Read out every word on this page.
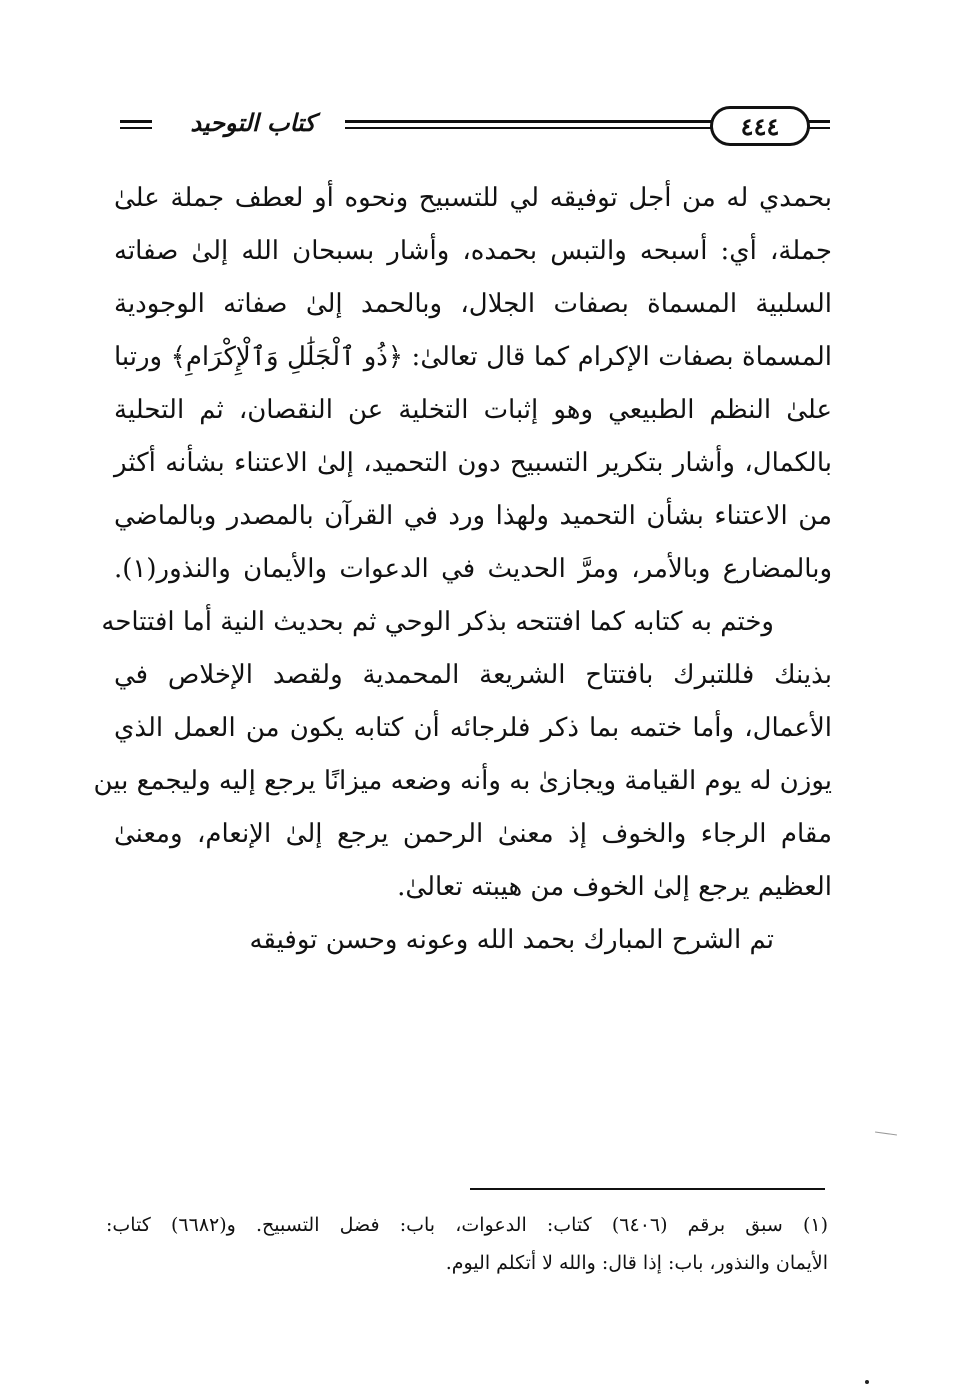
كتاب التوحيد	٤٤٤
بحمدي له من أجل توفيقه لي للتسبيح ونحوه أو لعطف جملة علىٰ
جملة، أي: أسبحه والتبس بحمده، وأشار بسبحان الله إلىٰ صفاته
السلبية المسماة بصفات الجلال، وبالحمد إلىٰ صفاته الوجودية
المسماة بصفات الإكرام كما قال تعالىٰ: ﴿ذُو ٱلْجَلَٰلِ وَٱلْإِكْرَامِ﴾ ورتبا
علىٰ النظم الطبيعي وهو إثبات التخلية عن النقصان، ثم التحلية
بالكمال، وأشار بتكرير التسبيح دون التحميد، إلىٰ الاعتناء بشأنه أكثر
من الاعتناء بشأن التحميد ولهذا ورد في القرآن بالمصدر وبالماضي
وبالمضارع وبالأمر، ومرَّ الحديث في الدعوات والأيمان والنذور(١).
وختم به كتابه كما افتتحه بذكر الوحي ثم بحديث النية أما افتتاحه
بذينك فللتبرك بافتتاح الشريعة المحمدية ولقصد الإخلاص في
الأعمال، وأما ختمه بما ذكر فلرجائه أن كتابه يكون من العمل الذي
يوزن له يوم القيامة ويجازىٰ به وأنه وضعه ميزانًا يرجع إليه وليجمع بين
مقام الرجاء والخوف إذ معنىٰ الرحمن يرجع إلىٰ الإنعام، ومعنىٰ
العظيم يرجع إلىٰ الخوف من هيبته تعالىٰ.
تم الشرح المبارك بحمد الله وعونه وحسن توفيقه
(١) سبق برقم (٦٤٠٦) كتاب: الدعوات، باب: فضل التسبيح. و(٦٦٨٢) كتاب:
الأيمان والنذور، باب: إذا قال: والله لا أتكلم اليوم.
